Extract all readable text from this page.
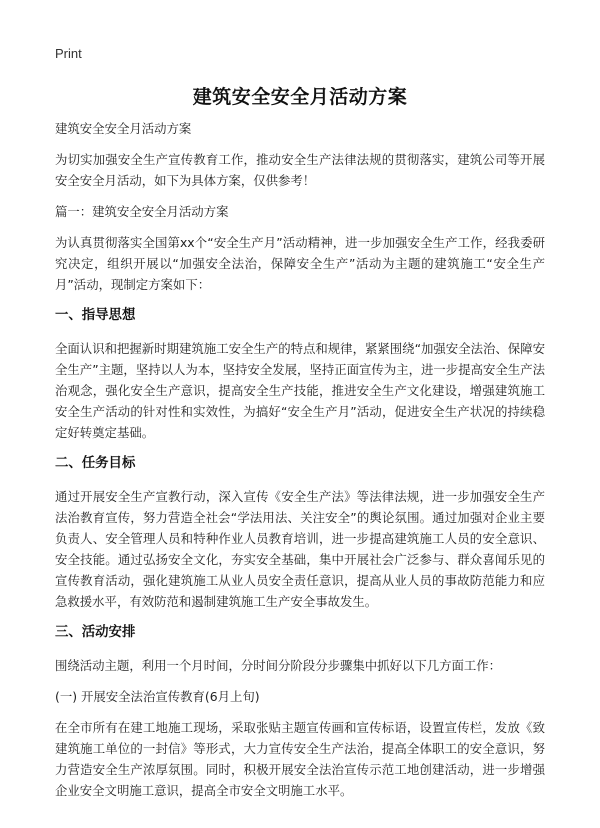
Print
建筑安全安全月活动方案

建筑安全安全月活动方案

为切实加强安全生产宣传教育工作，推动安全生产法律法规的贯彻落实，建筑公司等开展安全安全月活动，如下为具体方案，仅供参考！

篇一：建筑安全安全月活动方案

为认真贯彻落实全国第xx个“安全生产月”活动精神，进一步加强安全生产工作，经我委研究决定，组织开展以“加强安全法治，保障安全生产”活动为主题的建筑施工“安全生产月”活动，现制定方案如下：

一、指导思想

全面认识和把握新时期建筑施工安全生产的特点和规律，紧紧围绕“加强安全法治、保障安全生产”主题，坚持以人为本，坚持安全发展，坚持正面宣传为主，进一步提高安全生产法治观念，强化安全生产意识，提高安全生产技能，推进安全生产文化建设，增强建筑施工安全生产活动的针对性和实效性，为搞好“安全生产月”活动，促进安全生产状况的持续稳定好转奠定基础。

二、任务目标

通过开展安全生产宣教行动，深入宣传《安全生产法》等法律法规，进一步加强安全生产法治教育宣传，努力营造全社会“学法用法、关注安全”的舆论氛围。通过加强对企业主要负责人、安全管理人员和特种作业人员教育培训，进一步提高建筑施工人员的安全意识、安全技能。通过弘扬安全文化，夯实安全基础，集中开展社会广泛参与、群众喜闻乐见的宣传教育活动，强化建筑施工从业人员安全责任意识，提高从业人员的事故防范能力和应急救援水平，有效防范和遏制建筑施工生产安全事故发生。

三、活动安排

围绕活动主题，利用一个月时间，分时间分阶段分步骤集中抓好以下几方面工作：

(一) 开展安全法治宣传教育(6月上旬)

在全市所有在建工地施工现场，采取张贴主题宣传画和宣传标语，设置宣传栏，发放《致建筑施工单位的一封信》等形式，大力宣传安全生产法治，提高全体职工的安全意识，努力营造安全生产浓厚氛围。同时，积极开展安全法治宣传示范工地创建活动，进一步增强企业安全文明施工意识，提高全市安全文明施工水平。
